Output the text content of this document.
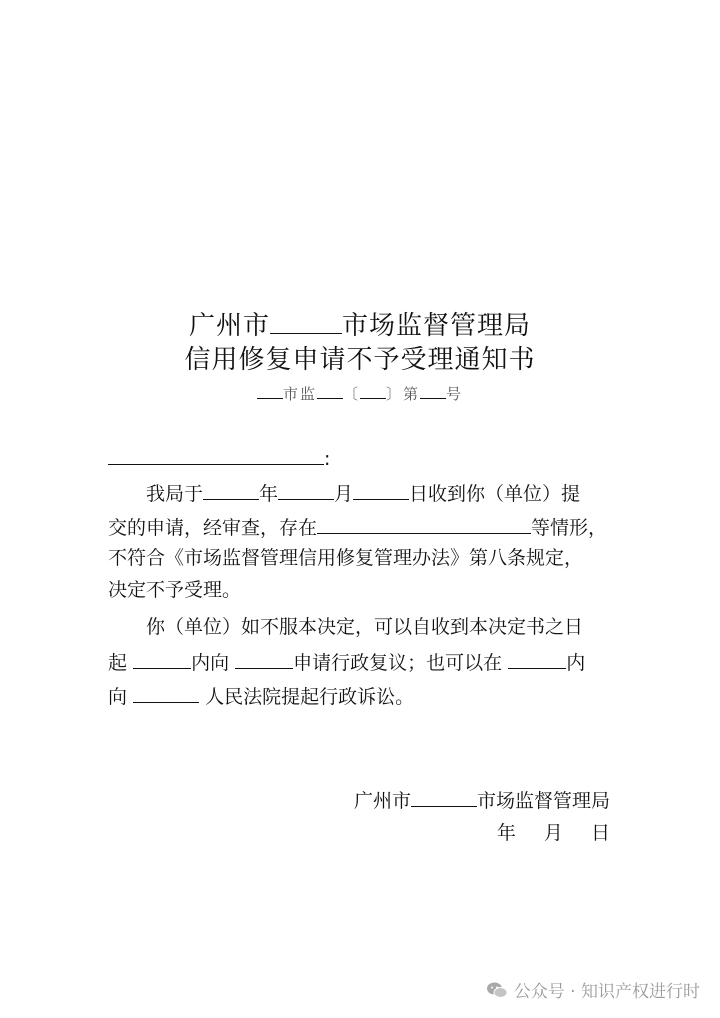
广州市	市场监督管理局
信用修复申请不予受理通知书
市监 〔 〕第 号
:
我局于	年	月	日收到你（单位）提
交的申请，经审查，存在	等情形，
不符合《市场监督管理信用修复管理办法》第八条规定，
决定不予受理。
你（单位）如不服本决定，可以自收到本决定书之日
起	内向	申请行政复议；也可以在	内
向	人民法院提起行政诉讼。
广州市	市场监督管理局
年 月 日
公众号 · 知识产权进行时
